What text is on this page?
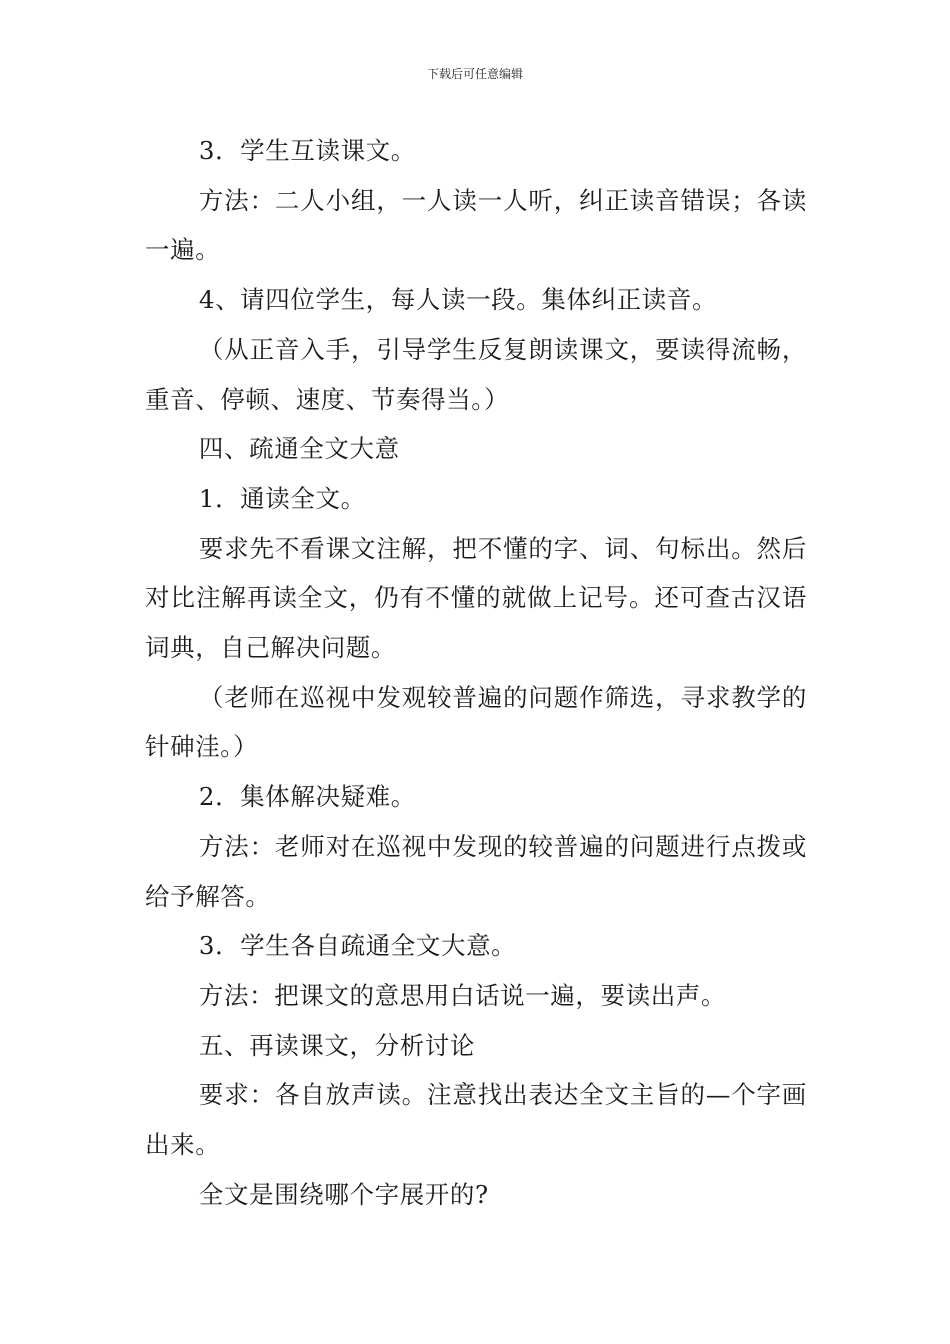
下载后可任意编辑

3．学生互读课文。

方法：二人小组，一人读一人听，纠正读音错误；各读一遍。

4、请四位学生，每人读一段。集体纠正读音。

（从正音入手，引导学生反复朗读课文，要读得流畅，重音、停顿、速度、节奏得当。）

四、疏通全文大意

1．通读全文。

要求先不看课文注解，把不懂的字、词、句标出。然后对比注解再读全文，仍有不懂的就做上记号。还可查古汉语词典，自己解决问题。

（老师在巡视中发观较普遍的问题作筛选，寻求教学的针砷洼。）

2．集体解决疑难。

方法：老师对在巡视中发现的较普遍的问题进行点拨或给予解答。

3．学生各自疏通全文大意。

方法：把课文的意思用白话说一遍，要读出声。

五、再读课文，分析讨论

要求：各自放声读。注意找出表达全文主旨的—个字画出来。

全文是围绕哪个字展开的?
